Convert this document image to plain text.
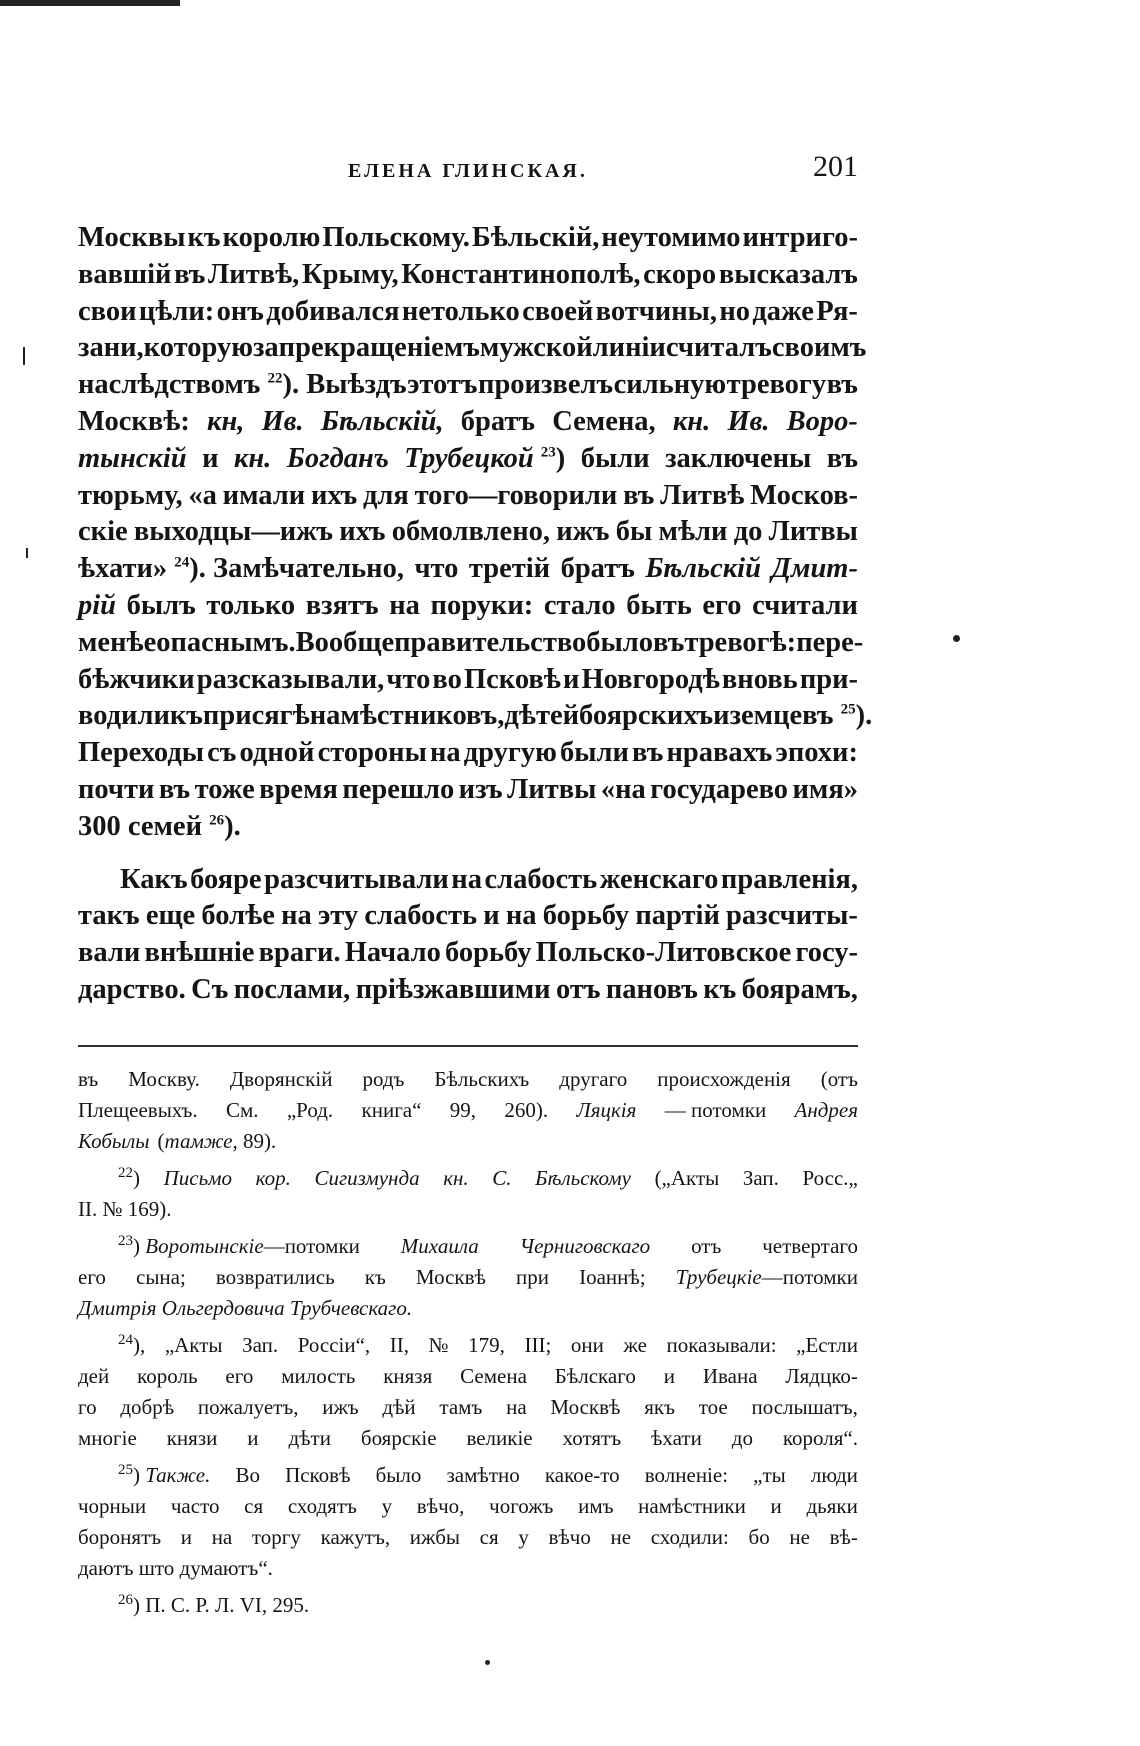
ЕЛЕНА ГЛИНСКАЯ.	201
Москвы къ королю Польскому. Бѣльскій, неутомимо интриго-
вавшій въ Литвѣ, Крыму, Константинополѣ, скоро высказалъ
свои цѣли: онъ добивался нетолько своей вотчины, но даже Ря-
зани, которую за прекращеніемъ мужской линіи считалъ своимъ
наслѣдствомъ $^{22}$). Выѣздъ этотъ произвелъ сильную тревогу въ
Москвѣ: кн, Ив. Бѣльскій, братъ Семена, кн. Ив. Воро-
тынскій и кн. Богданъ Трубецкой $^{23}$) были заключены въ
тюрьму, «а имали ихъ для того—говорили въ Литвѣ Москов-
скіе выходцы—ижъ ихъ обмолвлено, ижъ бы мѣли до Литвы
ѣхати» $^{24}$). Замѣчательно, что третій братъ Бѣльскій Дмит-
рій былъ только взятъ на поруки: стало быть его считали
менѣе опаснымъ. Вообще правительство было въ тревогѣ: пере-
бѣжчики разсказывали, что во Псковѣ и Новгородѣ вновь при-
водили къ присягѣ намѣстниковъ, дѣтей боярскихъ и земцевъ $^{25}$).
Переходы съ одной стороны на другую были въ нравахъ эпохи:
почти въ тоже время перешло изъ Литвы «на государево имя»
300 семей $^{26}$).
Какъ бояре разсчитывали на слабость женскаго правленія,
такъ еще болѣе на эту слабость и на борьбу партій разсчиты-
вали внѣшніе враги. Начало борьбу Польско-Литовское госу-
дарство. Съ послами, пріѣзжавшими отъ пановъ къ боярамъ,
въ Москву. Дворянскій родъ Бѣльскихъ другаго происхожденія (отъ
Плещеевыхъ. См. „Род. книга“ 99, 260). Ляцкія — потомки Андрея
Кобылы (тамже, 89).
$^{22}$) Письмо кор. Сигизмунда кн. С. Бѣльскому („Акты Зап. Росс.„
II. № 169).
$^{23}$) Воротынскіе—потомки Михаила Черниговскаго отъ четвертаго
его сына; возвратились къ Москвѣ при Іоаннѣ; Трубецкіе—потомки
Дмитрія Ольгердовича Трубчевскаго.
$^{24}$), „Акты Зап. Россіи“, II, № 179, III; они же показывали: „Естли
дей король его милость князя Семена Бѣлскаго и Ивана Лядцко-
го добрѣ пожалуетъ, ижъ дѣй тамъ на Москвѣ якъ тое послышатъ,
многіе князи и дѣти боярскіе великіе хотятъ ѣхати до короля“.
$^{25}$) Также. Во Псковѣ было замѣтно какое-то волненіе: „ты люди
чорныи часто ся сходятъ у вѣчо, чогожъ имъ намѣстники и дьяки
боронятъ и на торгу кажутъ, ижбы ся у вѣчо не сходили: бо не вѣ-
даютъ што думаютъ“.
$^{26}$) П. С. Р. Л. VI, 295.
